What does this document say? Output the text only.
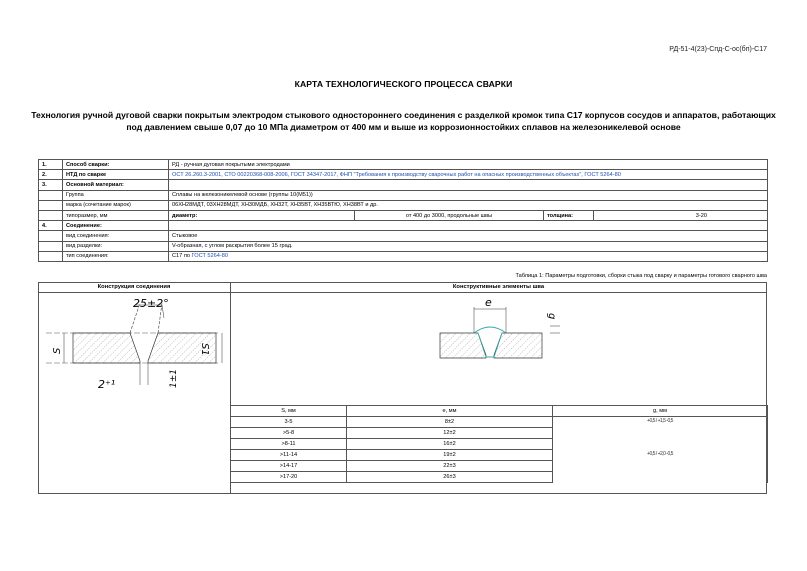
РД-51-4(23)-Спд-С-ос(бп)-С17
КАРТА ТЕХНОЛОГИЧЕСКОГО ПРОЦЕССА СВАРКИ
Технология ручной дуговой сварки покрытым электродом стыкового одностороннего соединения с разделкой кромок типа С17 корпусов сосудов и аппаратов, работающих под давлением свыше 0,07 до 10 МПа диаметром от 400 мм и выше из коррозионностойких сплавов на железоникелевой основе
1.	Способ сварки:	РД - ручная дуговая покрытыми электродами			
2.	НТД по сварке	ОСТ 26.260.3-2001, СТО 00220368-008-2006, ГОСТ 34347-2017, ФНП "Требования к производству сварочных работ на опасных производственных объектах", ГОСТ 5264-80			
3.	Основной материал:				
	Группа	Сплавы на железоникелевой основе (группы 10(М51))			
	марка (сочетание марок)	06ХН28МДТ, 03ХН28МДТ, ХН30МДБ, ХН32Т, ХН35ВТ, ХН35ВТЮ, ХН38ВТ и др.			
	типоразмер, мм	диаметр:	от 400 до 3000, продольные швы	толщина:	3-20
4.	Соединение:				
	вид соединения:	Стыковое			
	вид разделки:	V-образная, с углом раскрытия более 15 град.			
	тип соединения:	С17 по ГОСТ 5264-80			
Таблица 1: Параметры подготовки, сборки стыка под сварку и параметры готового сварного шва
Конструкция соединения	Конструктивные элементы шва
25±2°
S	S1
2⁺¹	1±1
e
g
S, мм	e, мм	g, мм
3-5	8±2	+0,5 / +1,5 -0,5
>5-8	12±2	
>8-11	16±2	
>11-14	19±2	+0,5 / +2,0 -0,5
>14-17	22±3	
>17-20	26±3	
